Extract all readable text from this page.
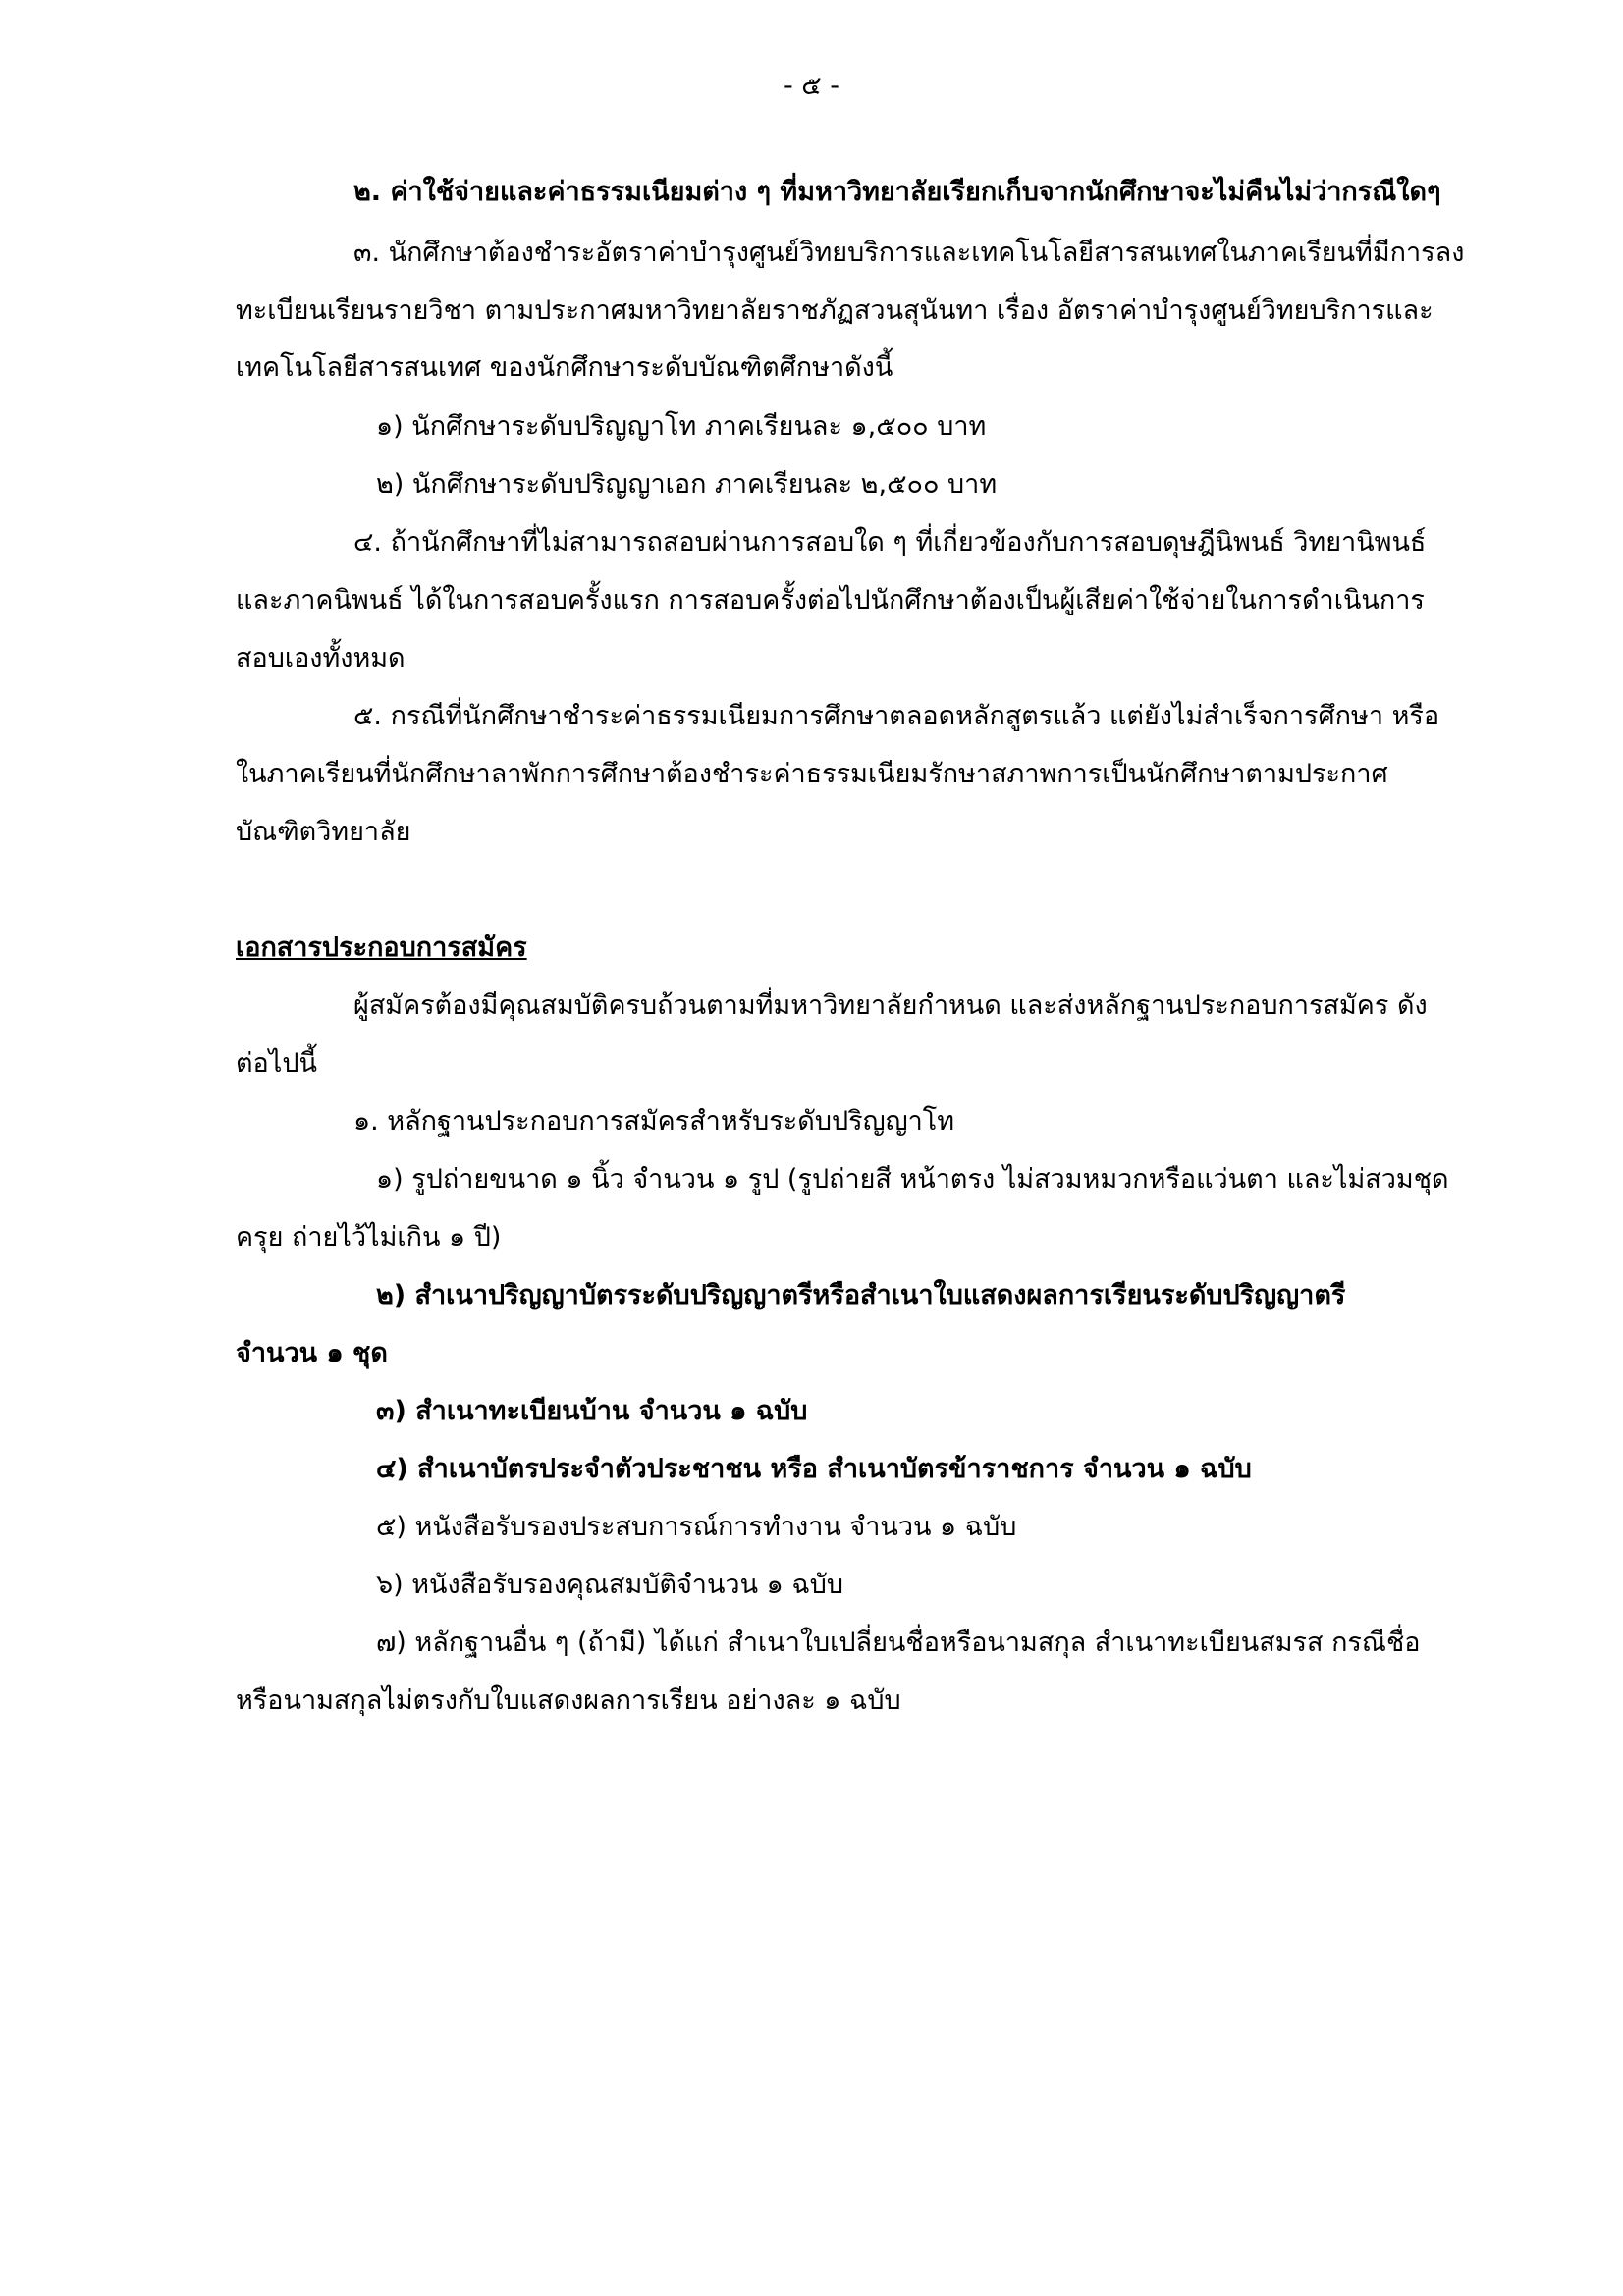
- ๕ -
๒. ค่าใช้จ่ายและค่าธรรมเนียมต่าง ๆ ที่มหาวิทยาลัยเรียกเก็บจากนักศึกษาจะไม่คืนไม่ว่ากรณีใดๆ
๓. นักศึกษาต้องชำระอัตราค่าบำรุงศูนย์วิทยบริการและเทคโนโลยีสารสนเทศในภาคเรียนที่มีการลง
ทะเบียนเรียนรายวิชา ตามประกาศมหาวิทยาลัยราชภัฏสวนสุนันทา เรื่อง อัตราค่าบำรุงศูนย์วิทยบริการและ
เทคโนโลยีสารสนเทศ ของนักศึกษาระดับบัณฑิตศึกษาดังนี้
๑) นักศึกษาระดับปริญญาโท ภาคเรียนละ ๑,๕๐๐ บาท
๒) นักศึกษาระดับปริญญาเอก ภาคเรียนละ ๒,๕๐๐ บาท
๔. ถ้านักศึกษาที่ไม่สามารถสอบผ่านการสอบใด ๆ ที่เกี่ยวข้องกับการสอบดุษฎีนิพนธ์ วิทยานิพนธ์
และภาคนิพนธ์ ได้ในการสอบครั้งแรก การสอบครั้งต่อไปนักศึกษาต้องเป็นผู้เสียค่าใช้จ่ายในการดำเนินการ
สอบเองทั้งหมด
๕. กรณีที่นักศึกษาชำระค่าธรรมเนียมการศึกษาตลอดหลักสูตรแล้ว แต่ยังไม่สำเร็จการศึกษา หรือ
ในภาคเรียนที่นักศึกษาลาพักการศึกษาต้องชำระค่าธรรมเนียมรักษาสภาพการเป็นนักศึกษาตามประกาศ
บัณฑิตวิทยาลัย
เอกสารประกอบการสมัคร
ผู้สมัครต้องมีคุณสมบัติครบถ้วนตามที่มหาวิทยาลัยกำหนด และส่งหลักฐานประกอบการสมัคร ดัง
ต่อไปนี้
๑. หลักฐานประกอบการสมัครสำหรับระดับปริญญาโท
๑) รูปถ่ายขนาด ๑ นิ้ว จำนวน ๑ รูป (รูปถ่ายสี หน้าตรง ไม่สวมหมวกหรือแว่นตา และไม่สวมชุด
ครุย ถ่ายไว้ไม่เกิน ๑ ปี)
๒) สำเนาปริญญาบัตรระดับปริญญาตรีหรือสำเนาใบแสดงผลการเรียนระดับปริญญาตรี
จำนวน ๑ ชุด
๓) สำเนาทะเบียนบ้าน จำนวน ๑ ฉบับ
๔) สำเนาบัตรประจำตัวประชาชน หรือ สำเนาบัตรข้าราชการ จำนวน ๑ ฉบับ
๕) หนังสือรับรองประสบการณ์การทำงาน จำนวน ๑ ฉบับ
๖) หนังสือรับรองคุณสมบัติจำนวน ๑ ฉบับ
๗) หลักฐานอื่น ๆ (ถ้ามี) ได้แก่ สำเนาใบเปลี่ยนชื่อหรือนามสกุล สำเนาทะเบียนสมรส กรณีชื่อ
หรือนามสกุลไม่ตรงกับใบแสดงผลการเรียน อย่างละ ๑ ฉบับ
